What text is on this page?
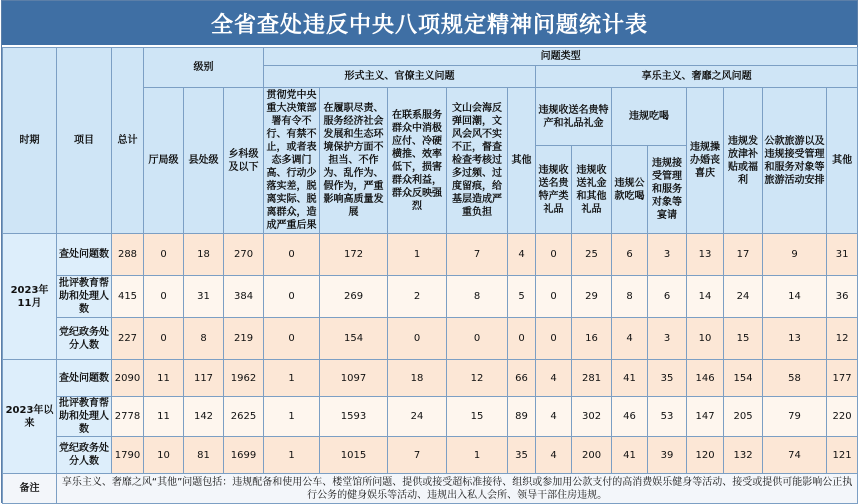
全省查处违反中央八项规定精神问题统计表
时期	项目	总计	级别			问题类型												
						形式主义、官僚主义问题					享乐主义、奢靡之风问题							
			厅局级	县处级	乡科级及以下	贯彻党中央重大决策部署有令不行、有禁不止，或者表态多调门高、行动少落实差，脱离实际、脱离群众，造成严重后果	在履职尽责、服务经济社会发展和生态环境保护方面不担当、不作为、乱作为、假作为，严重影响高质量发展	在联系服务群众中消极应付、冷硬横推、效率低下，损害群众利益，群众反映强烈	文山会海反弹回潮，文风会风不实不正，督查检查考核过多过频、过度留痕，给基层造成严重负担	其他	违规收送名贵特产和礼品礼金		违规吃喝		违规操办婚丧喜庆	违规发放津补贴或福利	公款旅游以及违规接受管理和服务对象等旅游活动安排	其他
											违规收送名贵特产类礼品	违规收送礼金和其他礼品	违规公款吃喝	违规接受管理和服务对象等宴请				
2023年11月	查处问题数	288	0	18	270	0	172	1	7	4	0	25	6	3	13	17	9	31
	批评教育帮助和处理人数	415	0	31	384	0	269	2	8	5	0	29	8	6	14	24	14	36
	党纪政务处分人数	227	0	8	219	0	154	0	0	0	0	16	4	3	10	15	13	12
2023年以来	查处问题数	2090	11	117	1962	1	1097	18	12	66	4	281	41	35	146	154	58	177
	批评教育帮助和处理人数	2778	11	142	2625	1	1593	24	15	89	4	302	46	53	147	205	79	220
	党纪政务处分人数	1790	10	81	1699	1	1015	7	1	35	4	200	41	39	120	132	74	121
备注	享乐主义、奢靡之风“其他”问题包括：违规配备和使用公车、楼堂馆所问题、提供或接受超标准接待、组织或参加用公款支付的高消费娱乐健身等活动、接受或提供可能影响公正执行公务的健身娱乐等活动、违规出入私人会所、领导干部住房违规。																	
